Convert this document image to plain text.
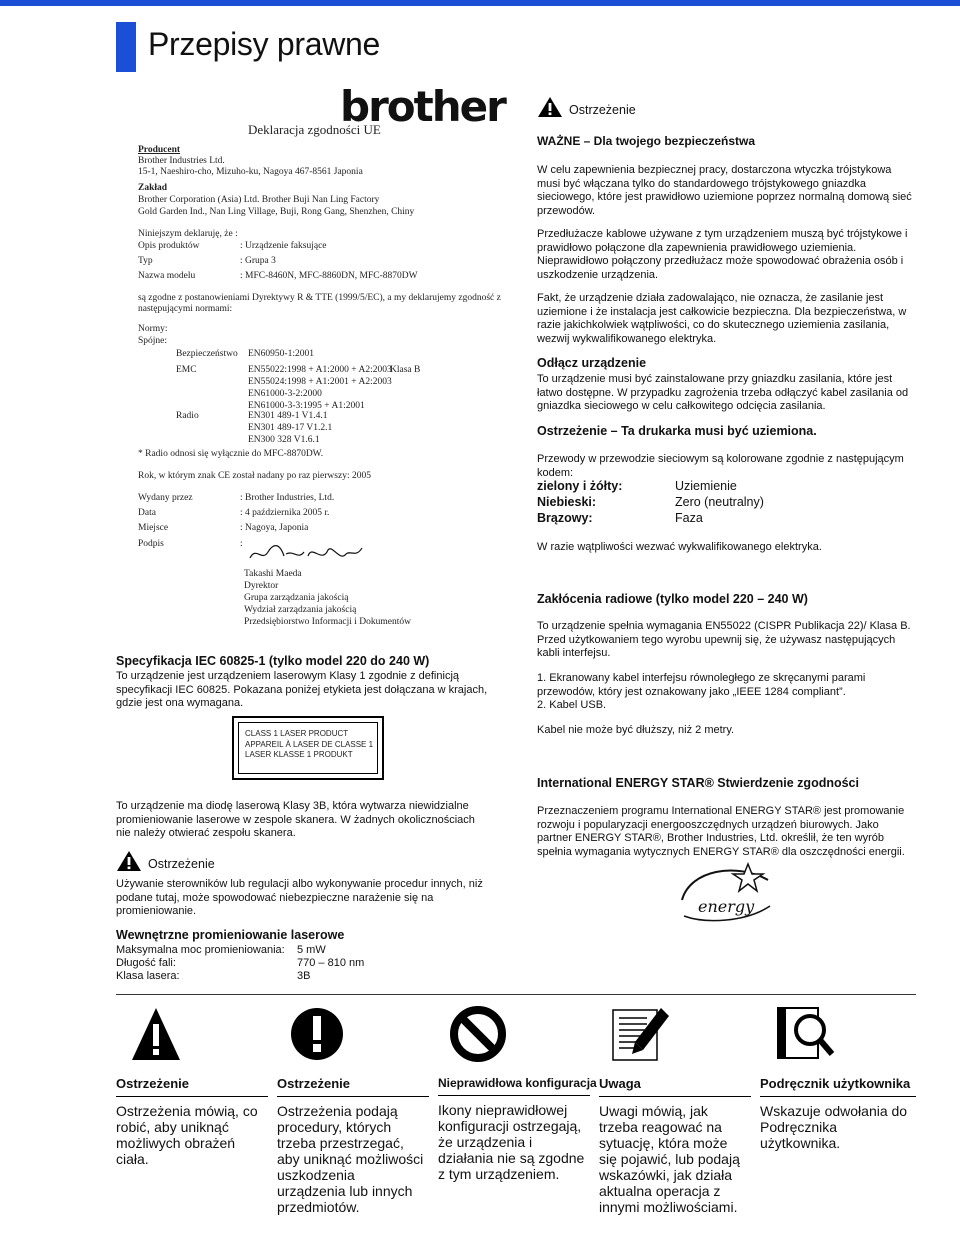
Przepisy prawne
brother
Deklaracja zgodności UE
Producent
Brother Industries Ltd.
15-1, Naeshiro-cho, Mizuho-ku, Nagoya 467-8561 Japonia
Zakład
Brother Corporation (Asia) Ltd. Brother Buji Nan Ling Factory
Gold Garden Ind., Nan Ling Village, Buji, Rong Gang, Shenzhen, Chiny
Niniejszym deklaruję, że :
Opis produktów	: Urządzenie faksujące
Typ	: Grupa 3
Nazwa modelu	: MFC-8460N, MFC-8860DN, MFC-8870DW
są zgodne z postanowieniami Dyrektywy R & TTE (1999/5/EC), a my deklarujemy zgodność z
następującymi normami:
Normy:
Spójne:
Bezpieczeństwo EN60950-1:2001
EMC	EN55022:1998 + A1:2000 + A2:2003
Klasa B
EN55024:1998 + A1:2001 + A2:2003
EN61000-3-2:2000
EN61000-3-3:1995 + A1:2001
Radio	EN301 489-1 V1.4.1
EN301 489-17 V1.2.1
EN300 328 V1.6.1
* Radio odnosi się wyłącznie do MFC-8870DW.
Rok, w którym znak CE został nadany po raz pierwszy: 2005
Wydany przez	: Brother Industries, Ltd.
Data	: 4 października 2005 r.
Miejsce	: Nagoya, Japonia
Podpis	:
Takashi Maeda
Dyrektor
Grupa zarządzania jakością
Wydział zarządzania jakością
Przedsiębiorstwo Informacji i Dokumentów
Specyfikacja IEC 60825-1 (tylko model 220 do 240 W)
To urządzenie jest urządzeniem laserowym Klasy 1 zgodnie z definicją specyfikacji IEC 60825. Pokazana poniżej etykieta jest dołączana w krajach, gdzie jest ona wymagana.
CLASS 1 LASER PRODUCT
APPAREIL À LASER DE CLASSE 1
LASER KLASSE 1 PRODUKT
To urządzenie ma diodę laserową Klasy 3B, która wytwarza niewidzialne promieniowanie laserowe w zespole skanera. W żadnych okolicznościach nie należy otwierać zespołu skanera.
Ostrzeżenie
Używanie sterowników lub regulacji albo wykonywanie procedur innych, niż podane tutaj, może spowodować niebezpieczne narażenie się na promieniowanie.
Wewnętrzne promieniowanie laserowe
Maksymalna moc promieniowania: 5 mW
Długość fali:	770 – 810 nm
Klasa lasera:	3B
Ostrzeżenie
WAŻNE – Dla twojego bezpieczeństwa
W celu zapewnienia bezpiecznej pracy, dostarczona wtyczka trójstykowa musi być włączana tylko do standardowego trójstykowego gniazdka sieciowego, które jest prawidłowo uziemione poprzez normalną domową sieć przewodów.
Przedłużacze kablowe używane z tym urządzeniem muszą być trójstykowe i prawidłowo połączone dla zapewnienia prawidłowego uziemienia. Nieprawidłowo połączony przedłużacz może spowodować obrażenia osób i uszkodzenie urządzenia.
Fakt, że urządzenie działa zadowalająco, nie oznacza, że zasilanie jest uziemione i że instalacja jest całkowicie bezpieczna. Dla bezpieczeństwa, w razie jakichkolwiek wątpliwości, co do skutecznego uziemienia zasilania, wezwij wykwalifikowanego elektryka.
Odłącz urządzenie
To urządzenie musi być zainstalowane przy gniazdku zasilania, które jest łatwo dostępne. W przypadku zagrożenia trzeba odłączyć kabel zasilania od gniazdka sieciowego w celu całkowitego odcięcia zasilania.
Ostrzeżenie – Ta drukarka musi być uziemiona.
Przewody w przewodzie sieciowym są kolorowane zgodnie z następującym kodem:
zielony i żółty:	Uziemienie
Niebieski:	Zero (neutralny)
Brązowy:	Faza
W razie wątpliwości wezwać wykwalifikowanego elektryka.
Zakłócenia radiowe (tylko model 220 – 240 W)
To urządzenie spełnia wymagania EN55022 (CISPR Publikacja 22)/ Klasa B. Przed użytkowaniem tego wyrobu upewnij się, że używasz następujących kabli interfejsu.
1. Ekranowany kabel interfejsu równoległego ze skręcanymi parami przewodów, który jest oznakowany jako „IEEE 1284 compliant”.
2. Kabel USB.
Kabel nie może być dłuższy, niż 2 metry.
International ENERGY STAR® Stwierdzenie zgodności
Przeznaczeniem programu International ENERGY STAR® jest promowanie rozwoju i popularyzacji energooszczędnych urządzeń biurowych. Jako partner ENERGY STAR®, Brother Industries, Ltd. określił, że ten wyrób spełnia wymagania wytycznych ENERGY STAR® dla oszczędności energii.
energy
Ostrzeżenie
Ostrzeżenia mówią, co robić, aby uniknąć możliwych obrażeń ciała.
Ostrzeżenie
Ostrzeżenia podają procedury, których trzeba przestrzegać, aby uniknąć możliwości uszkodzenia urządzenia lub innych przedmiotów.
Nieprawidłowa konfiguracja
Ikony nieprawidłowej konfiguracji ostrzegają, że urządzenia i działania nie są zgodne z tym urządzeniem.
Uwaga
Uwagi mówią, jak trzeba reagować na sytuację, która może się pojawić, lub podają wskazówki, jak działa aktualna operacja z innymi możliwościami.
Podręcznik użytkownika
Wskazuje odwołania do Podręcznika użytkownika.
